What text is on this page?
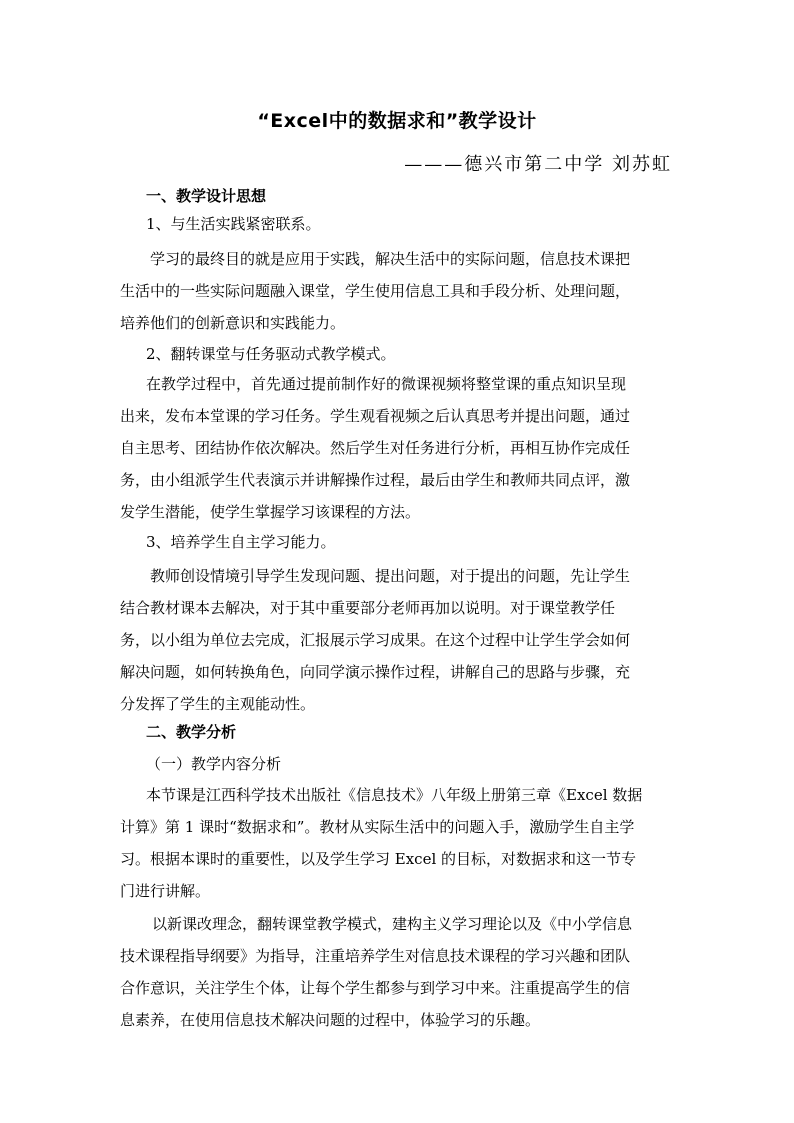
“Excel中的数据求和”教学设计
———德兴市第二中学 刘苏虹
一、教学设计思想
1、与生活实践紧密联系。
学习的最终目的就是应用于实践，解决生活中的实际问题，信息技术课把
生活中的一些实际问题融入课堂，学生使用信息工具和手段分析、处理问题，
培养他们的创新意识和实践能力。
2、翻转课堂与任务驱动式教学模式。
在教学过程中，首先通过提前制作好的微课视频将整堂课的重点知识呈现
出来，发布本堂课的学习任务。学生观看视频之后认真思考并提出问题，通过
自主思考、团结协作依次解决。然后学生对任务进行分析，再相互协作完成任
务，由小组派学生代表演示并讲解操作过程，最后由学生和教师共同点评，激
发学生潜能，使学生掌握学习该课程的方法。
3、培养学生自主学习能力。
教师创设情境引导学生发现问题、提出问题，对于提出的问题，先让学生
结合教材课本去解决，对于其中重要部分老师再加以说明。对于课堂教学任
务，以小组为单位去完成，汇报展示学习成果。在这个过程中让学生学会如何
解决问题，如何转换角色，向同学演示操作过程，讲解自己的思路与步骤，充
分发挥了学生的主观能动性。
二、教学分析
（一）教学内容分析
本节课是江西科学技术出版社《信息技术》八年级上册第三章《Excel 数据
计算》第 1 课时“数据求和”。教材从实际生活中的问题入手，激励学生自主学
习。根据本课时的重要性，以及学生学习 Excel 的目标，对数据求和这一节专
门进行讲解。
以新课改理念，翻转课堂教学模式，建构主义学习理论以及《中小学信息
技术课程指导纲要》为指导，注重培养学生对信息技术课程的学习兴趣和团队
合作意识，关注学生个体，让每个学生都参与到学习中来。注重提高学生的信
息素养，在使用信息技术解决问题的过程中，体验学习的乐趣。
